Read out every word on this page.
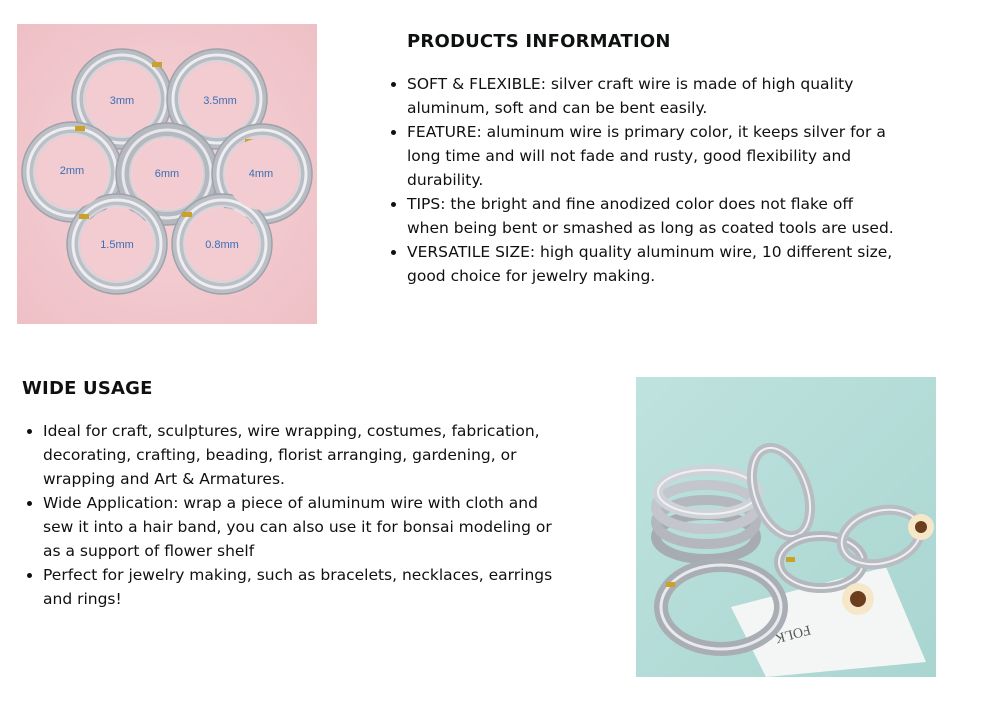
3mm	3.5mm
2mm	6mm	4mm
1.5mm	0.8mm
PRODUCTS INFORMATION
• SOFT & FLEXIBLE: silver craft wire is made of high quality aluminum, soft and can be bent easily.
• FEATURE: aluminum wire is primary color, it keeps silver for a long time and will not fade and rusty, good flexibility and durability.
• TIPS: the bright and fine anodized color does not flake off when being bent or smashed as long as coated tools are used.
• VERSATILE SIZE: high quality aluminum wire, 10 different size, good choice for jewelry making.
WIDE USAGE
• Ideal for craft, sculptures, wire wrapping, costumes, fabrication, decorating, crafting, beading, florist arranging, gardening, or wrapping and Art & Armatures.
• Wide Application: wrap a piece of aluminum wire with cloth and sew it into a hair band, you can also use it for bonsai modeling or as a support of flower shelf
• Perfect for jewelry making, such as bracelets, necklaces, earrings and rings!
FOLK
